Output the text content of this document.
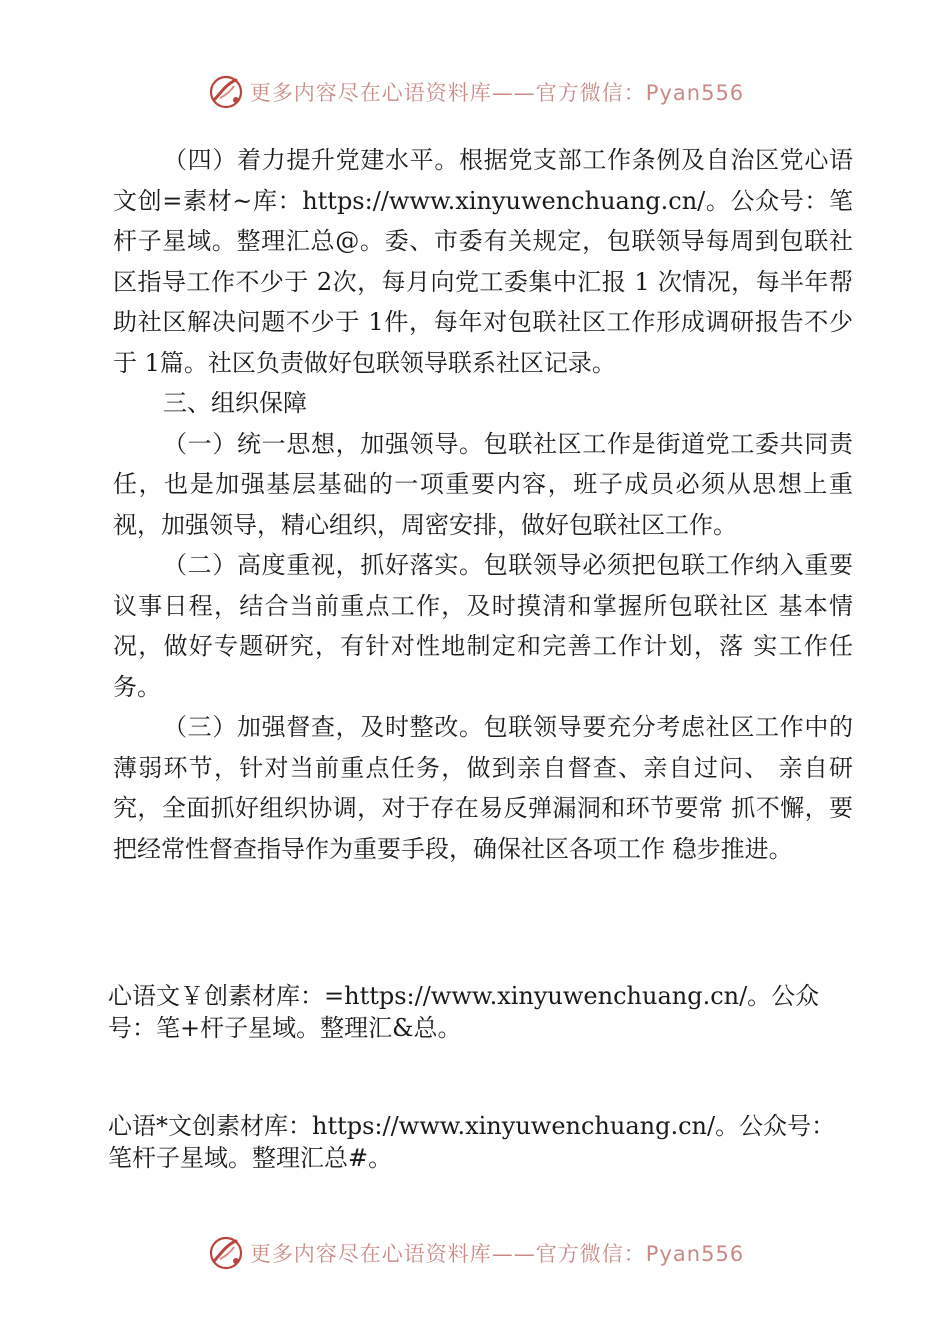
更多内容尽在心语资料库——官方微信：Pyan556

（四）着力提升党建水平。根据党支部工作条例及自治区党心语文创=素材~库：https://www.xinyuwenchuang.cn/。公众号：笔杆子星域。整理汇总@。委、市委有关规定，包联领导每周到包联社区指导工作不少于 2次，每月向党工委集中汇报 1 次情况，每半年帮助社区解决问题不少于 1件，每年对包联社区工作形成调研报告不少于 1篇。社区负责做好包联领导联系社区记录。

三、组织保障

（一）统一思想，加强领导。包联社区工作是街道党工委共同责任，也是加强基层基础的一项重要内容，班子成员必须从思想上重视，加强领导，精心组织，周密安排，做好包联社区工作。

（二）高度重视，抓好落实。包联领导必须把包联工作纳入重要议事日程，结合当前重点工作，及时摸清和掌握所包联社区 基本情况，做好专题研究，有针对性地制定和完善工作计划，落 实工作任务。

（三）加强督查，及时整改。包联领导要充分考虑社区工作中的薄弱环节，针对当前重点任务，做到亲自督查、亲自过问、 亲自研究，全面抓好组织协调，对于存在易反弹漏洞和环节要常 抓不懈，要把经常性督查指导作为重要手段，确保社区各项工作 稳步推进。

心语文￥创素材库：=https://www.xinyuwenchuang.cn/。公众号：笔+杆子星域。整理汇&总。

心语*文创素材库：https://www.xinyuwenchuang.cn/。公众号：笔杆子星域。整理汇总#。

更多内容尽在心语资料库——官方微信：Pyan556
